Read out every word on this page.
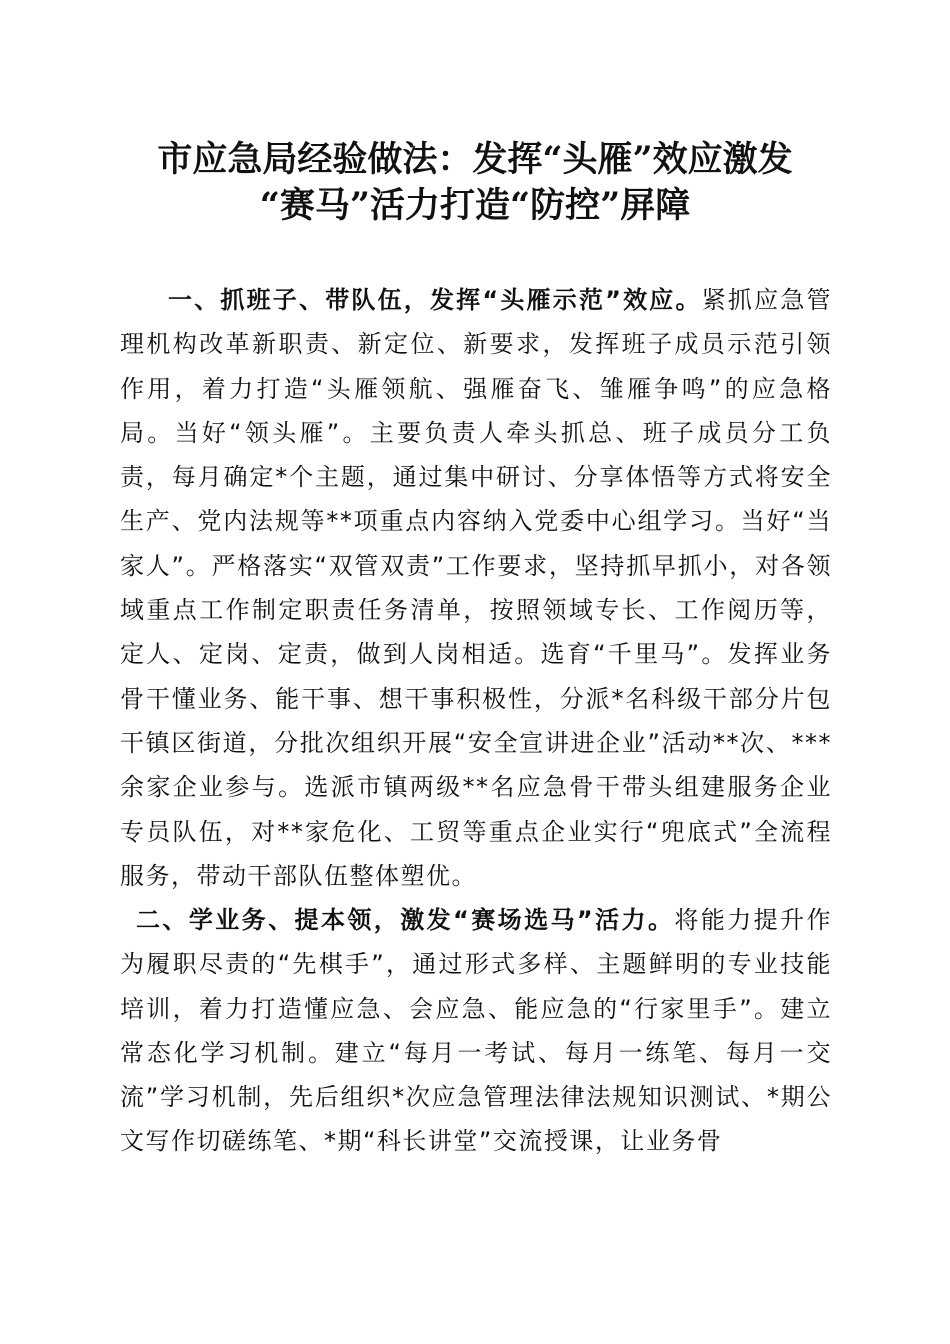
市应急局经验做法：发挥“头雁”效应激发
“赛马”活力打造“防控”屏障

一、抓班子、带队伍，发挥“头雁示范”效应。紧抓应急管理机构改革新职责、新定位、新要求，发挥班子成员示范引领作用，着力打造“头雁领航、强雁奋飞、雏雁争鸣”的应急格局。当好“领头雁”。主要负责人牵头抓总、班子成员分工负责，每月确定*个主题，通过集中研讨、分享体悟等方式将安全生产、党内法规等**项重点内容纳入党委中心组学习。当好“当家人”。严格落实“双管双责”工作要求，坚持抓早抓小，对各领域重点工作制定职责任务清单，按照领域专长、工作阅历等，定人、定岗、定责，做到人岗相适。选育“千里马”。发挥业务骨干懂业务、能干事、想干事积极性，分派*名科级干部分片包干镇区街道，分批次组织开展“安全宣讲进企业”活动**次、***余家企业参与。选派市镇两级**名应急骨干带头组建服务企业专员队伍，对**家危化、工贸等重点企业实行“兜底式”全流程服务，带动干部队伍整体塑优。

二、学业务、提本领，激发“赛场选马”活力。将能力提升作为履职尽责的“先棋手”，通过形式多样、主题鲜明的专业技能培训，着力打造懂应急、会应急、能应急的“行家里手”。建立常态化学习机制。建立“每月一考试、每月一练笔、每月一交流”学习机制，先后组织*次应急管理法律法规知识测试、*期公文写作切磋练笔、*期“科长讲堂”交流授课，让业务骨
